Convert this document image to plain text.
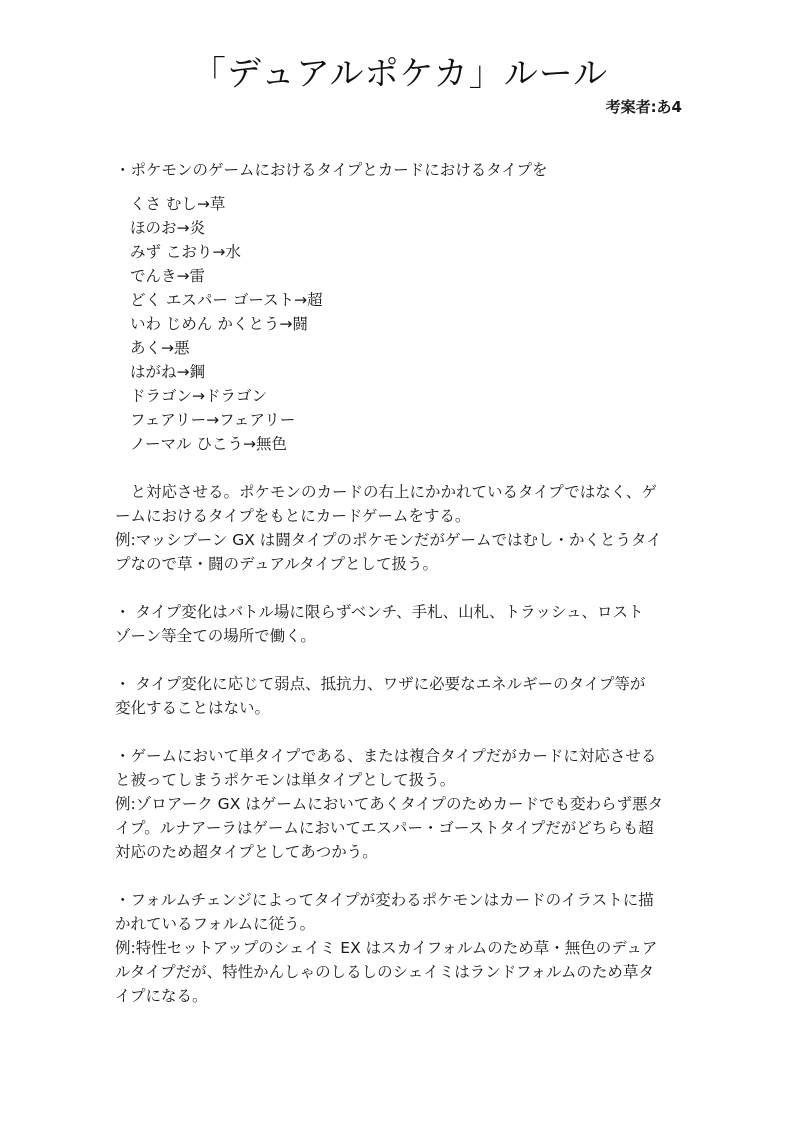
「デュアルポケカ」ルール
考案者:あ4

・ポケモンのゲームにおけるタイプとカードにおけるタイプを

くさ むし→草
ほのお→炎
みず こおり→水
でんき→雷
どく エスパー ゴースト→超
いわ じめん かくとう→闘
あく→悪
はがね→鋼
ドラゴン→ドラゴン
フェアリー→フェアリー
ノーマル ひこう→無色

　と対応させる。ポケモンのカードの右上にかかれているタイプではなく、ゲ

ームにおけるタイプをもとにカードゲームをする。

例:マッシブーン GX は闘タイプのポケモンだがゲームではむし・かくとうタイ

プなので草・闘のデュアルタイプとして扱う。

・ タイプ変化はバトル場に限らずベンチ、手札、山札、トラッシュ、ロスト

ゾーン等全ての場所で働く。

・ タイプ変化に応じて弱点、抵抗力、ワザに必要なエネルギーのタイプ等が

変化することはない。

・ゲームにおいて単タイプである、または複合タイプだがカードに対応させる

と被ってしまうポケモンは単タイプとして扱う。

例:ゾロアーク GX はゲームにおいてあくタイプのためカードでも変わらず悪タ

イプ。ルナアーラはゲームにおいてエスパー・ゴーストタイプだがどちらも超

対応のため超タイプとしてあつかう。

・フォルムチェンジによってタイプが変わるポケモンはカードのイラストに描

かれているフォルムに従う。

例:特性セットアップのシェイミ EX はスカイフォルムのため草・無色のデュア

ルタイプだが、特性かんしゃのしるしのシェイミはランドフォルムのため草タ

イプになる。
